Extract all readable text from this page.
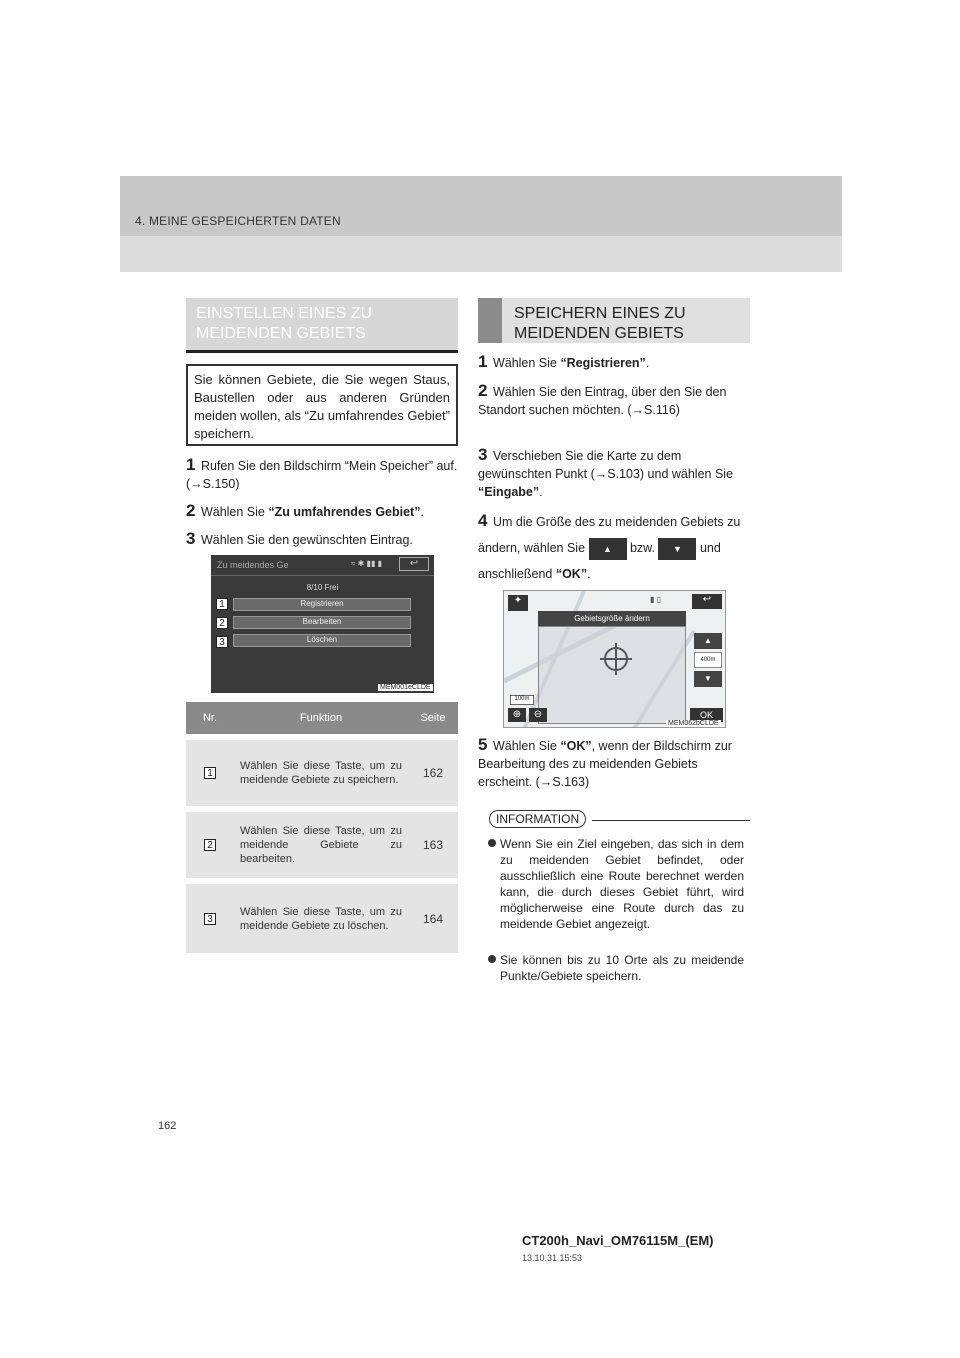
4. MEINE GESPEICHERTEN DATEN
EINSTELLEN EINES ZU MEIDENDEN GEBIETS
Sie können Gebiete, die Sie wegen Staus, Baustellen oder aus anderen Gründen meiden wollen, als “Zu umfahrendes Gebiet” speichern.
1 Rufen Sie den Bildschirm “Mein Speicher” auf. (→S.150)
2 Wählen Sie “Zu umfahrendes Gebiet”.
3 Wählen Sie den gewünschten Eintrag.
Zu meidendes Ge	≈ ✱ ▮▮ ▮	↩
8/10 Frei
Registrieren
Bearbeiten
Löschen
1
2
3
MEM001eCLDE
Nr.	Funktion	Seite
1	Wählen Sie diese Taste, um zu meidende Gebiete zu speichern.	162
2	Wählen Sie diese Taste, um zu meidende Gebiete zu bearbeiten.	163
3	Wählen Sie diese Taste, um zu meidende Gebiete zu löschen.	164
SPEICHERN EINES ZU MEIDENDEN GEBIETS
1 Wählen Sie “Registrieren”.
2 Wählen Sie den Eintrag, über den Sie den Standort suchen möchten. (→S.116)
3 Verschieben Sie die Karte zu dem gewünschten Punkt (→S.103) und wählen Sie “Eingabe”.
4 Um die Größe des zu meidenden Gebiets zu ändern, wählen Sie ▲ bzw. ▼ und anschließend “OK”.
✦	▮ ▯	↩
Gebietsgröße ändern
▲
400m
▼
100m
⊕	⊖	OK
MEM062bCLDE
5 Wählen Sie “OK”, wenn der Bildschirm zur Bearbeitung des zu meidenden Gebiets erscheint. (→S.163)
INFORMATION
Wenn Sie ein Ziel eingeben, das sich in dem zu meidenden Gebiet befindet, oder ausschließlich eine Route berechnet werden kann, die durch dieses Gebiet führt, wird möglicherweise eine Route durch das zu meidende Gebiet angezeigt.
Sie können bis zu 10 Orte als zu meidende Punkte/Gebiete speichern.
162
CT200h_Navi_OM76115M_(EM)
13.10.31 15:53
